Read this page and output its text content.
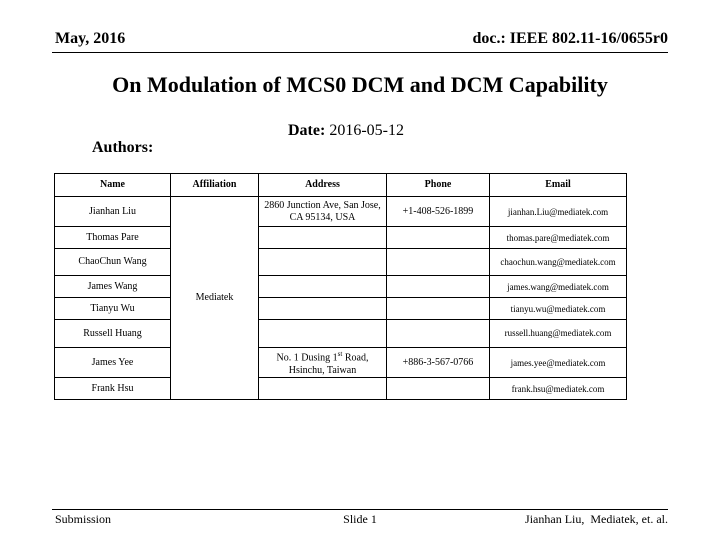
May, 2016	doc.: IEEE 802.11-16/0655r0
On Modulation of MCS0 DCM and DCM Capability
Date: 2016-05-12
Authors:
Name	Affiliation	Address	Phone	Email
Jianhan Liu	Mediatek	2860 Junction Ave, San Jose, CA 95134, USA	+1-408-526-1899	jianhan.Liu@mediatek.com
Thomas Pare				thomas.pare@mediatek.com
ChaoChun Wang				chaochun.wang@mediatek.com
James Wang				james.wang@mediatek.com
Tianyu Wu				tianyu.wu@mediatek.com
Russell Huang				russell.huang@mediatek.com
James Yee		No. 1 Dusing 1st Road, Hsinchu, Taiwan	+886-3-567-0766	james.yee@mediatek.com
Frank Hsu				frank.hsu@mediatek.com
Submission	Slide 1	Jianhan Liu,  Mediatek, et. al.
